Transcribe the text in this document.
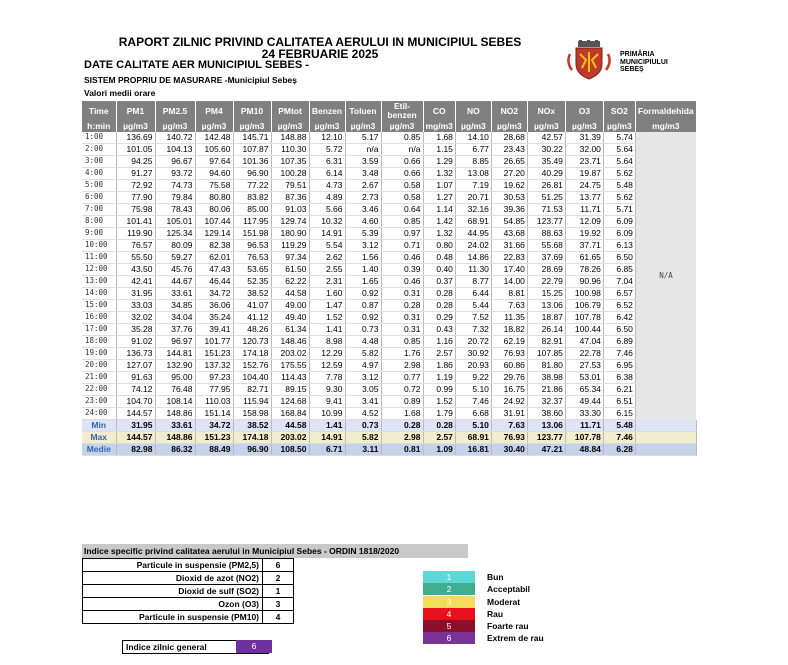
RAPORT ZILNIC PRIVIND CALITATEA AERULUI IN MUNICIPIUL SEBES
24 FEBRUARIE 2025
DATE CALITATE AER MUNICIPIUL SEBES -
SISTEM PROPRIU DE MASURARE -Municipiul Sebeș
Valori medii orare
PRIMĂRIA
MUNICIPIULUI
SEBEȘ
Time	PM1	PM2.5	PM4	PM10	PMtot	Benzen	Toluen	Etil-benzen	CO	NO	NO2	NOx	O3	SO2	Formaldehida
h:min	µg/m3	µg/m3	µg/m3	µg/m3	µg/m3	µg/m3	µg/m3	µg/m3	mg/m3	µg/m3	µg/m3	µg/m3	µg/m3	µg/m3	mg/m3
1:00	136.69	140.72	142.48	145.71	148.88	12.10	5.17	0.85	1.68	14.10	28.68	42.57	31.39	5.74	N/A
2:00	101.05	104.13	105.60	107.87	110.30	5.72	n/a	n/a	1.15	6.77	23.43	30.22	32.00	5.64	
3:00	94.25	96.67	97.64	101.36	107.35	6.31	3.59	0.66	1.29	8.85	26.65	35.49	23.71	5.64	
4:00	91.27	93.72	94.60	96.90	100.28	6.14	3.48	0.66	1.32	13.08	27.20	40.29	19.87	5.62	
5:00	72.92	74.73	75.58	77.22	79.51	4.73	2.67	0.58	1.07	7.19	19.62	26.81	24.75	5.48	
6:00	77.90	79.84	80.80	83.82	87.36	4.89	2.73	0.58	1.27	20.71	30.53	51.25	13.77	5.62	
7:00	75.98	78.43	80.06	85.00	91.03	5.66	3.46	0.64	1.14	32.16	39.36	71.53	11.71	5.71	
8:00	101.41	105.01	107.44	117.95	129.74	10.32	4.60	0.85	1.42	68.91	54.85	123.77	12.09	6.09	
9:00	119.90	125.34	129.14	151.98	180.90	14.91	5.39	0.97	1.32	44.95	43.68	88.63	19.92	6.09	
10:00	76.57	80.09	82.38	96.53	119.29	5.54	3.12	0.71	0.80	24.02	31.66	55.68	37.71	6.13	
11:00	55.50	59.27	62.01	76.53	97.34	2.62	1.56	0.46	0.48	14.86	22.83	37.69	61.65	6.50	
12:00	43.50	45.76	47.43	53.65	61.50	2.55	1.40	0.39	0.40	11.30	17.40	28.69	78.26	6.85	
13:00	42.41	44.67	46.44	52.35	62.22	2.31	1.65	0.46	0.37	8.77	14.00	22.79	90.96	7.04	
14:00	31.95	33.61	34.72	38.52	44.58	1.60	0.92	0.31	0.28	6.44	8.81	15.25	100.98	6.57	
15:00	33.03	34.85	36.06	41.07	49.00	1.47	0.87	0.28	0.28	5.44	7.63	13.06	106.79	6.52	
16:00	32.02	34.04	35.24	41.12	49.40	1.52	0.92	0.31	0.29	7.52	11.35	18.87	107.78	6.42	
17:00	35.28	37.76	39.41	48.26	61.34	1.41	0.73	0.31	0.43	7.32	18.82	26.14	100.44	6.50	
18:00	91.02	96.97	101.77	120.73	148.46	8.98	4.48	0.85	1.16	20.72	62.19	82.91	47.04	6.89	
19:00	136.73	144.81	151.23	174.18	203.02	12.29	5.82	1.76	2.57	30.92	76.93	107.85	22.78	7.46	
20:00	127.07	132.90	137.32	152.76	175.55	12.59	4.97	2.98	1.86	20.93	60.86	81.80	27.53	6.95	
21:00	91.63	95.00	97.23	104.40	114.43	7.78	3.12	0.77	1.19	9.22	29.76	38.98	53.01	6.38	
22:00	74.12	76.48	77.95	82.71	89.15	9.30	3.05	0.72	0.99	5.10	16.75	21.86	65.34	6.21	
23:00	104.70	108.14	110.03	115.94	124.68	9.41	3.41	0.89	1.52	7.46	24.92	32.37	49.44	6.51	
24:00	144.57	148.86	151.14	158.98	168.84	10.99	4.52	1.68	1.79	6.68	31.91	38.60	33.30	6.15	
Min	31.95	33.61	34.72	38.52	44.58	1.41	0.73	0.28	0.28	5.10	7.63	13.06	11.71	5.48	
Max	144.57	148.86	151.23	174.18	203.02	14.91	5.82	2.98	2.57	68.91	76.93	123.77	107.78	7.46	
Medie	82.98	86.32	88.49	96.90	108.50	6.71	3.11	0.81	1.09	16.81	30.40	47.21	48.84	6.28	
Indice specific privind calitatea aerului in Municipiul Sebes - ORDIN 1818/2020
Particule in suspensie (PM2,5)	6
Dioxid de azot (NO2)	2
Dioxid de sulf (SO2)	1
Ozon (O3)	3
Particule in suspensie (PM10)	4
Indice zilnic general	6
1	Bun
2	Acceptabil
3	Moderat
4	Rau
5	Foarte rau
6	Extrem de rau
